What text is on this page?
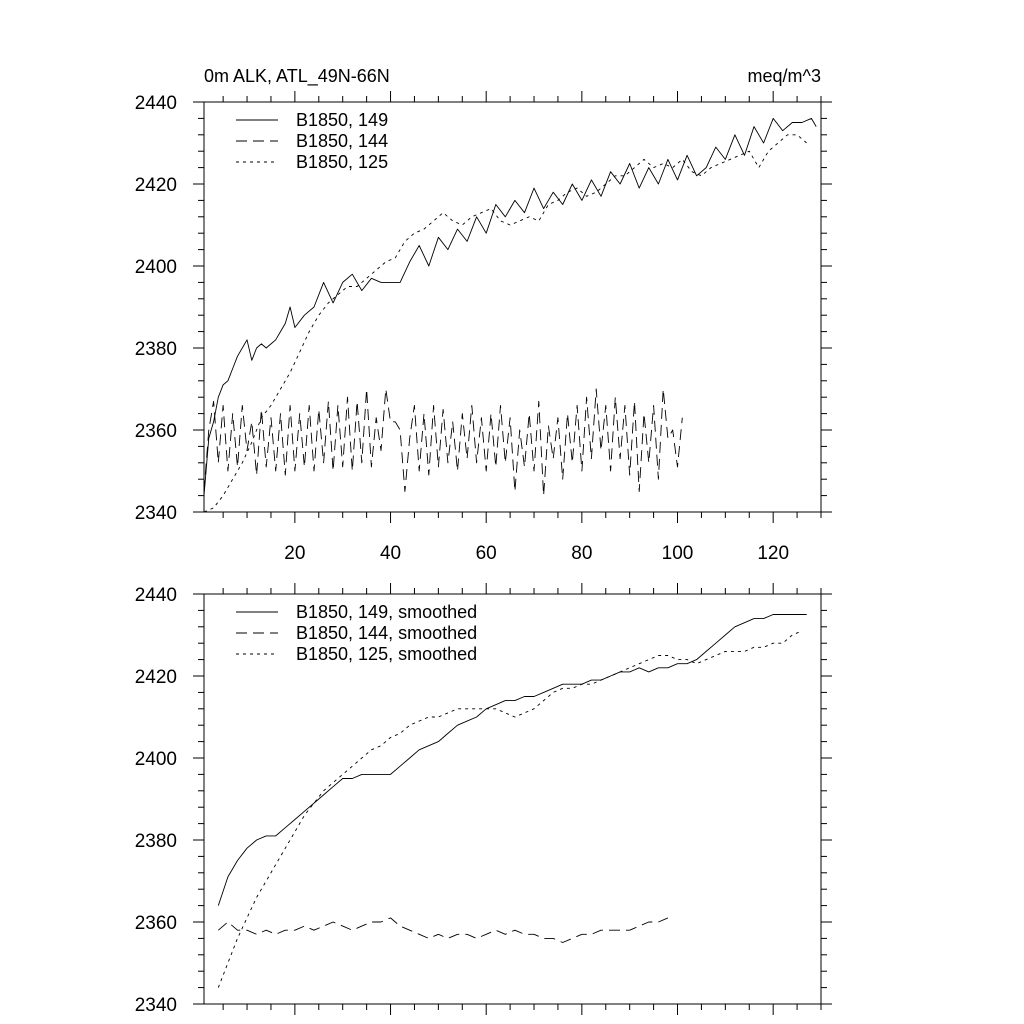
0m ALK, ATL_49N-66N	meq/m^3
2340
2360
2380
2400
2420
2440
20	40	60	80	100	120
B1850, 149
B1850, 144
B1850, 125
2340
2360
2380
2400
2420
2440
B1850, 149, smoothed
B1850, 144, smoothed
B1850, 125, smoothed
